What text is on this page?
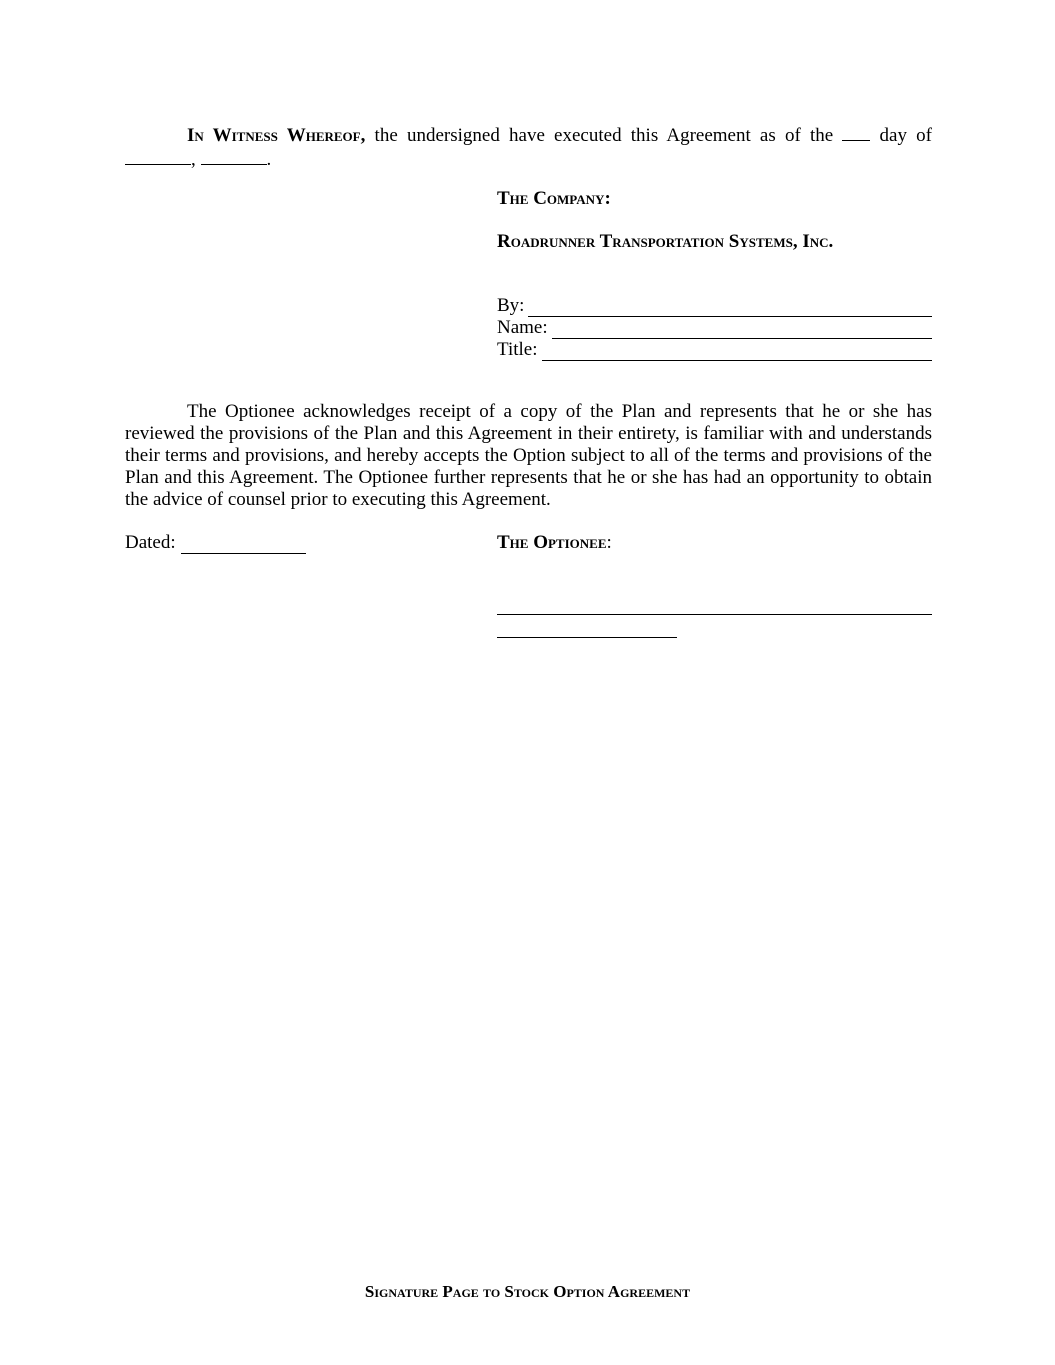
In Witness Whereof, the undersigned have executed this Agreement as of the  day of ,	.

The Company:

Roadrunner Transportation Systems, Inc.

By:
Name:
Title:

The Optionee acknowledges receipt of a copy of the Plan and represents that he or she has reviewed the provisions of the Plan and this Agreement in their entirety, is familiar with and understands their terms and provisions, and hereby accepts the Option subject to all of the terms and provisions of the Plan and this Agreement. The Optionee further represents that he or she has had an opportunity to obtain the advice of counsel prior to executing this Agreement.

Dated:	The Optionee:

Signature Page to Stock Option Agreement
